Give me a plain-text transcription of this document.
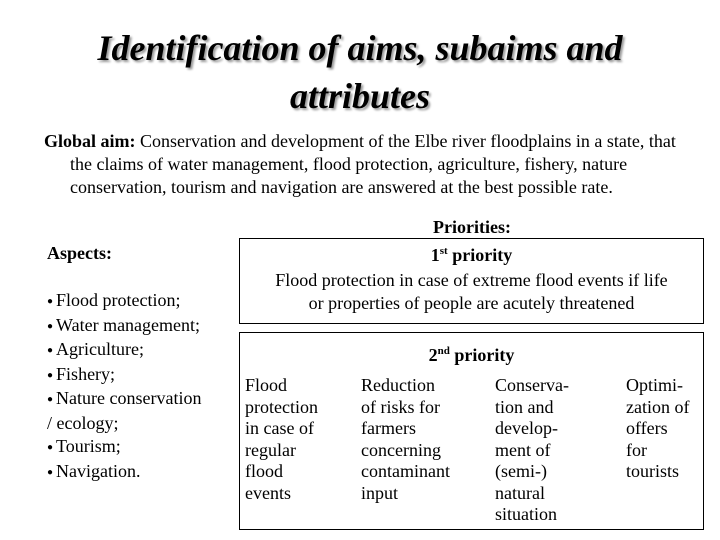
Identification of aims, subaims and
attributes
Global aim: Conservation and development of the Elbe river floodplains in a state, that the claims of water management, flood protection, agriculture, fishery, nature conservation, tourism and navigation are answered at the best possible rate.
Aspects:
● Flood protection;
● Water management;
● Agriculture;
● Fishery;
● Nature conservation
/ ecology;
● Tourism;
● Navigation.
Priorities:
1st priority
Flood protection in case of extreme flood events if life
or properties of people are acutely threatened
2nd priority
Flood
protection
in case of
regular
flood
events
Reduction
of risks for
farmers
concerning
contaminant
input
Conserva-
tion and
develop-
ment of
(semi-)
natural
situation
Optimi-
zation of
offers
for
tourists
